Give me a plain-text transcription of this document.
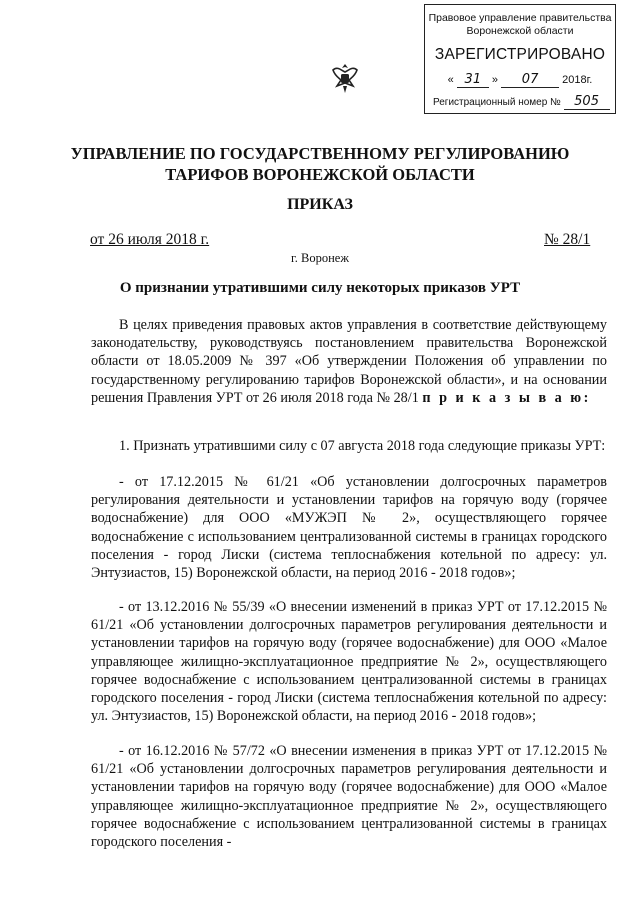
Правовое управление правительства
Воронежской области
ЗАРЕГИСТРИРОВАНО
« 31 » 07 2018г.
Регистрационный номер № 505
УПРАВЛЕНИЕ ПО ГОСУДАРСТВЕННОМУ РЕГУЛИРОВАНИЮ
ТАРИФОВ ВОРОНЕЖСКОЙ ОБЛАСТИ
ПРИКАЗ
от 26 июля 2018 г.	№ 28/1
г. Воронеж
О признании утратившими силу некоторых приказов УРТ

В целях приведения правовых актов управления в соответствие действующему законодательству, руководствуясь постановлением правительства Воронежской области от 18.05.2009 № 397 «Об утверждении Положения об управлении по государственному регулированию тарифов Воронежской области», и на основании решения Правления УРТ от 26 июля 2018 года № 28/1 п р и к а з ы в а ю:

1. Признать утратившими силу с 07 августа 2018 года следующие приказы УРТ:

- от 17.12.2015 № 61/21 «Об установлении долгосрочных параметров регулирования деятельности и установлении тарифов на горячую воду (горячее водоснабжение) для ООО «МУЖЭП № 2», осуществляющего горячее водоснабжение с использованием централизованной системы в границах городского поселения - город Лиски (система теплоснабжения котельной по адресу: ул. Энтузиастов, 15) Воронежской области, на период 2016 - 2018 годов»;

- от 13.12.2016 № 55/39 «О внесении изменений в приказ УРТ от 17.12.2015 № 61/21 «Об установлении долгосрочных параметров регулирования деятельности и установлении тарифов на горячую воду (горячее водоснабжение) для ООО «Малое управляющее жилищно-эксплуатационное предприятие № 2», осуществляющего горячее водоснабжение с использованием централизованной системы в границах городского поселения - город Лиски (система теплоснабжения котельной по адресу: ул. Энтузиастов, 15) Воронежской области, на период 2016 - 2018 годов»;

- от 16.12.2016 № 57/72 «О внесении изменения в приказ УРТ от 17.12.2015 № 61/21 «Об установлении долгосрочных параметров регулирования деятельности и установлении тарифов на горячую воду (горячее водоснабжение) для ООО «Малое управляющее жилищно-эксплуатационное предприятие № 2», осуществляющего горячее водоснабжение с использованием централизованной системы в границах городского поселения -
